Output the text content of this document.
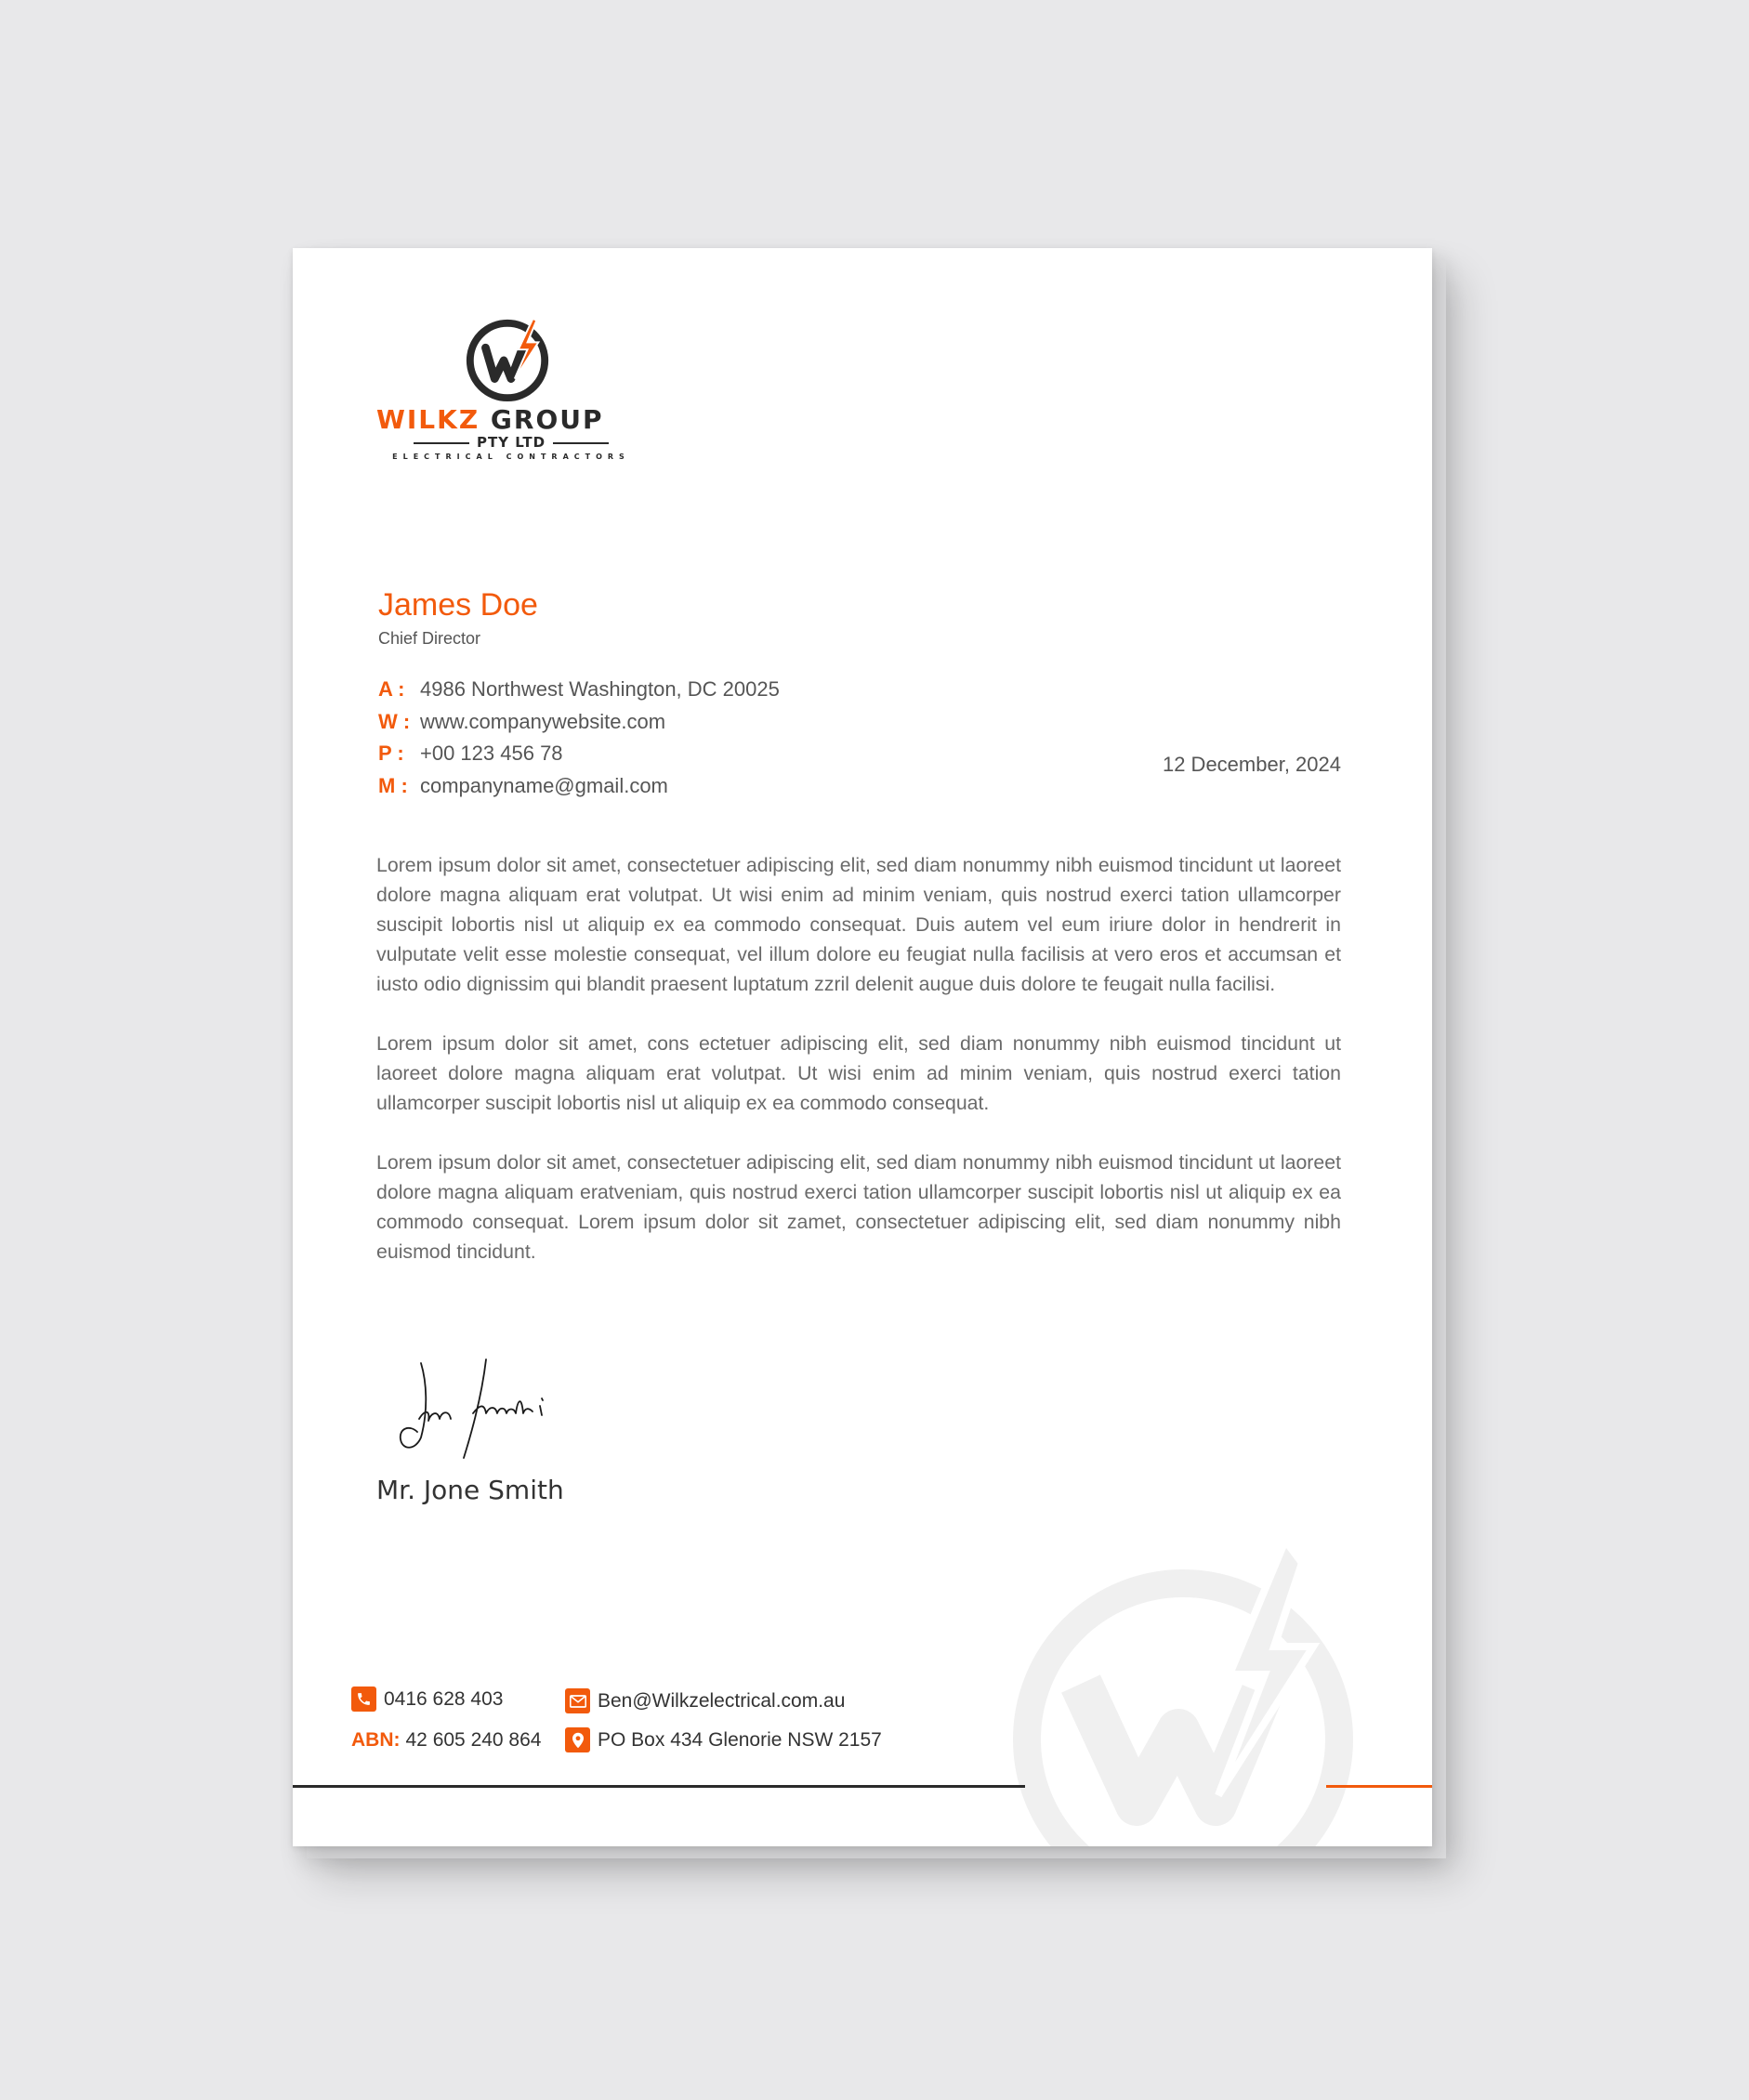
WILKZ GROUP
PTY LTD
ELECTRICAL CONTRACTORS
James Doe
Chief Director
A : 4986 Northwest Washington, DC 20025
W : www.companywebsite.com
P : +00 123 456 78
M : companyname@gmail.com
12 December, 2024

Lorem ipsum dolor sit amet, consectetuer adipiscing elit, sed diam nonummy nibh euismod tincidunt ut laoreet dolore magna aliquam erat volutpat. Ut wisi enim ad minim veniam, quis nostrud exerci tation ullamcorper suscipit lobortis nisl ut aliquip ex ea commodo consequat. Duis autem vel eum iriure dolor in hendrerit in vulputate velit esse molestie consequat, vel illum dolore eu feugiat nulla facilisis at vero eros et accumsan et iusto odio dignissim qui blandit praesent luptatum zzril delenit augue duis dolore te feugait nulla facilisi.

Lorem ipsum dolor sit amet, cons ectetuer adipiscing elit, sed diam nonummy nibh euismod tincidunt ut laoreet dolore magna aliquam erat volutpat. Ut wisi enim ad minim veniam, quis nostrud exerci tation ullamcorper suscipit lobortis nisl ut aliquip ex ea commodo consequat.

Lorem ipsum dolor sit amet, consectetuer adipiscing elit, sed diam nonummy nibh euismod tincidunt ut laoreet dolore magna aliquam eratveniam, quis nostrud exerci tation ullamcorper suscipit lobortis nisl ut aliquip ex ea commodo consequat. Lorem ipsum dolor sit zamet, consectetuer adipiscing elit, sed diam nonummy nibh euismod tincidunt.

Mr. Jone Smith
0416 628 403	Ben@Wilkzelectrical.com.au
ABN: 42 605 240 864	PO Box 434 Glenorie NSW 2157
